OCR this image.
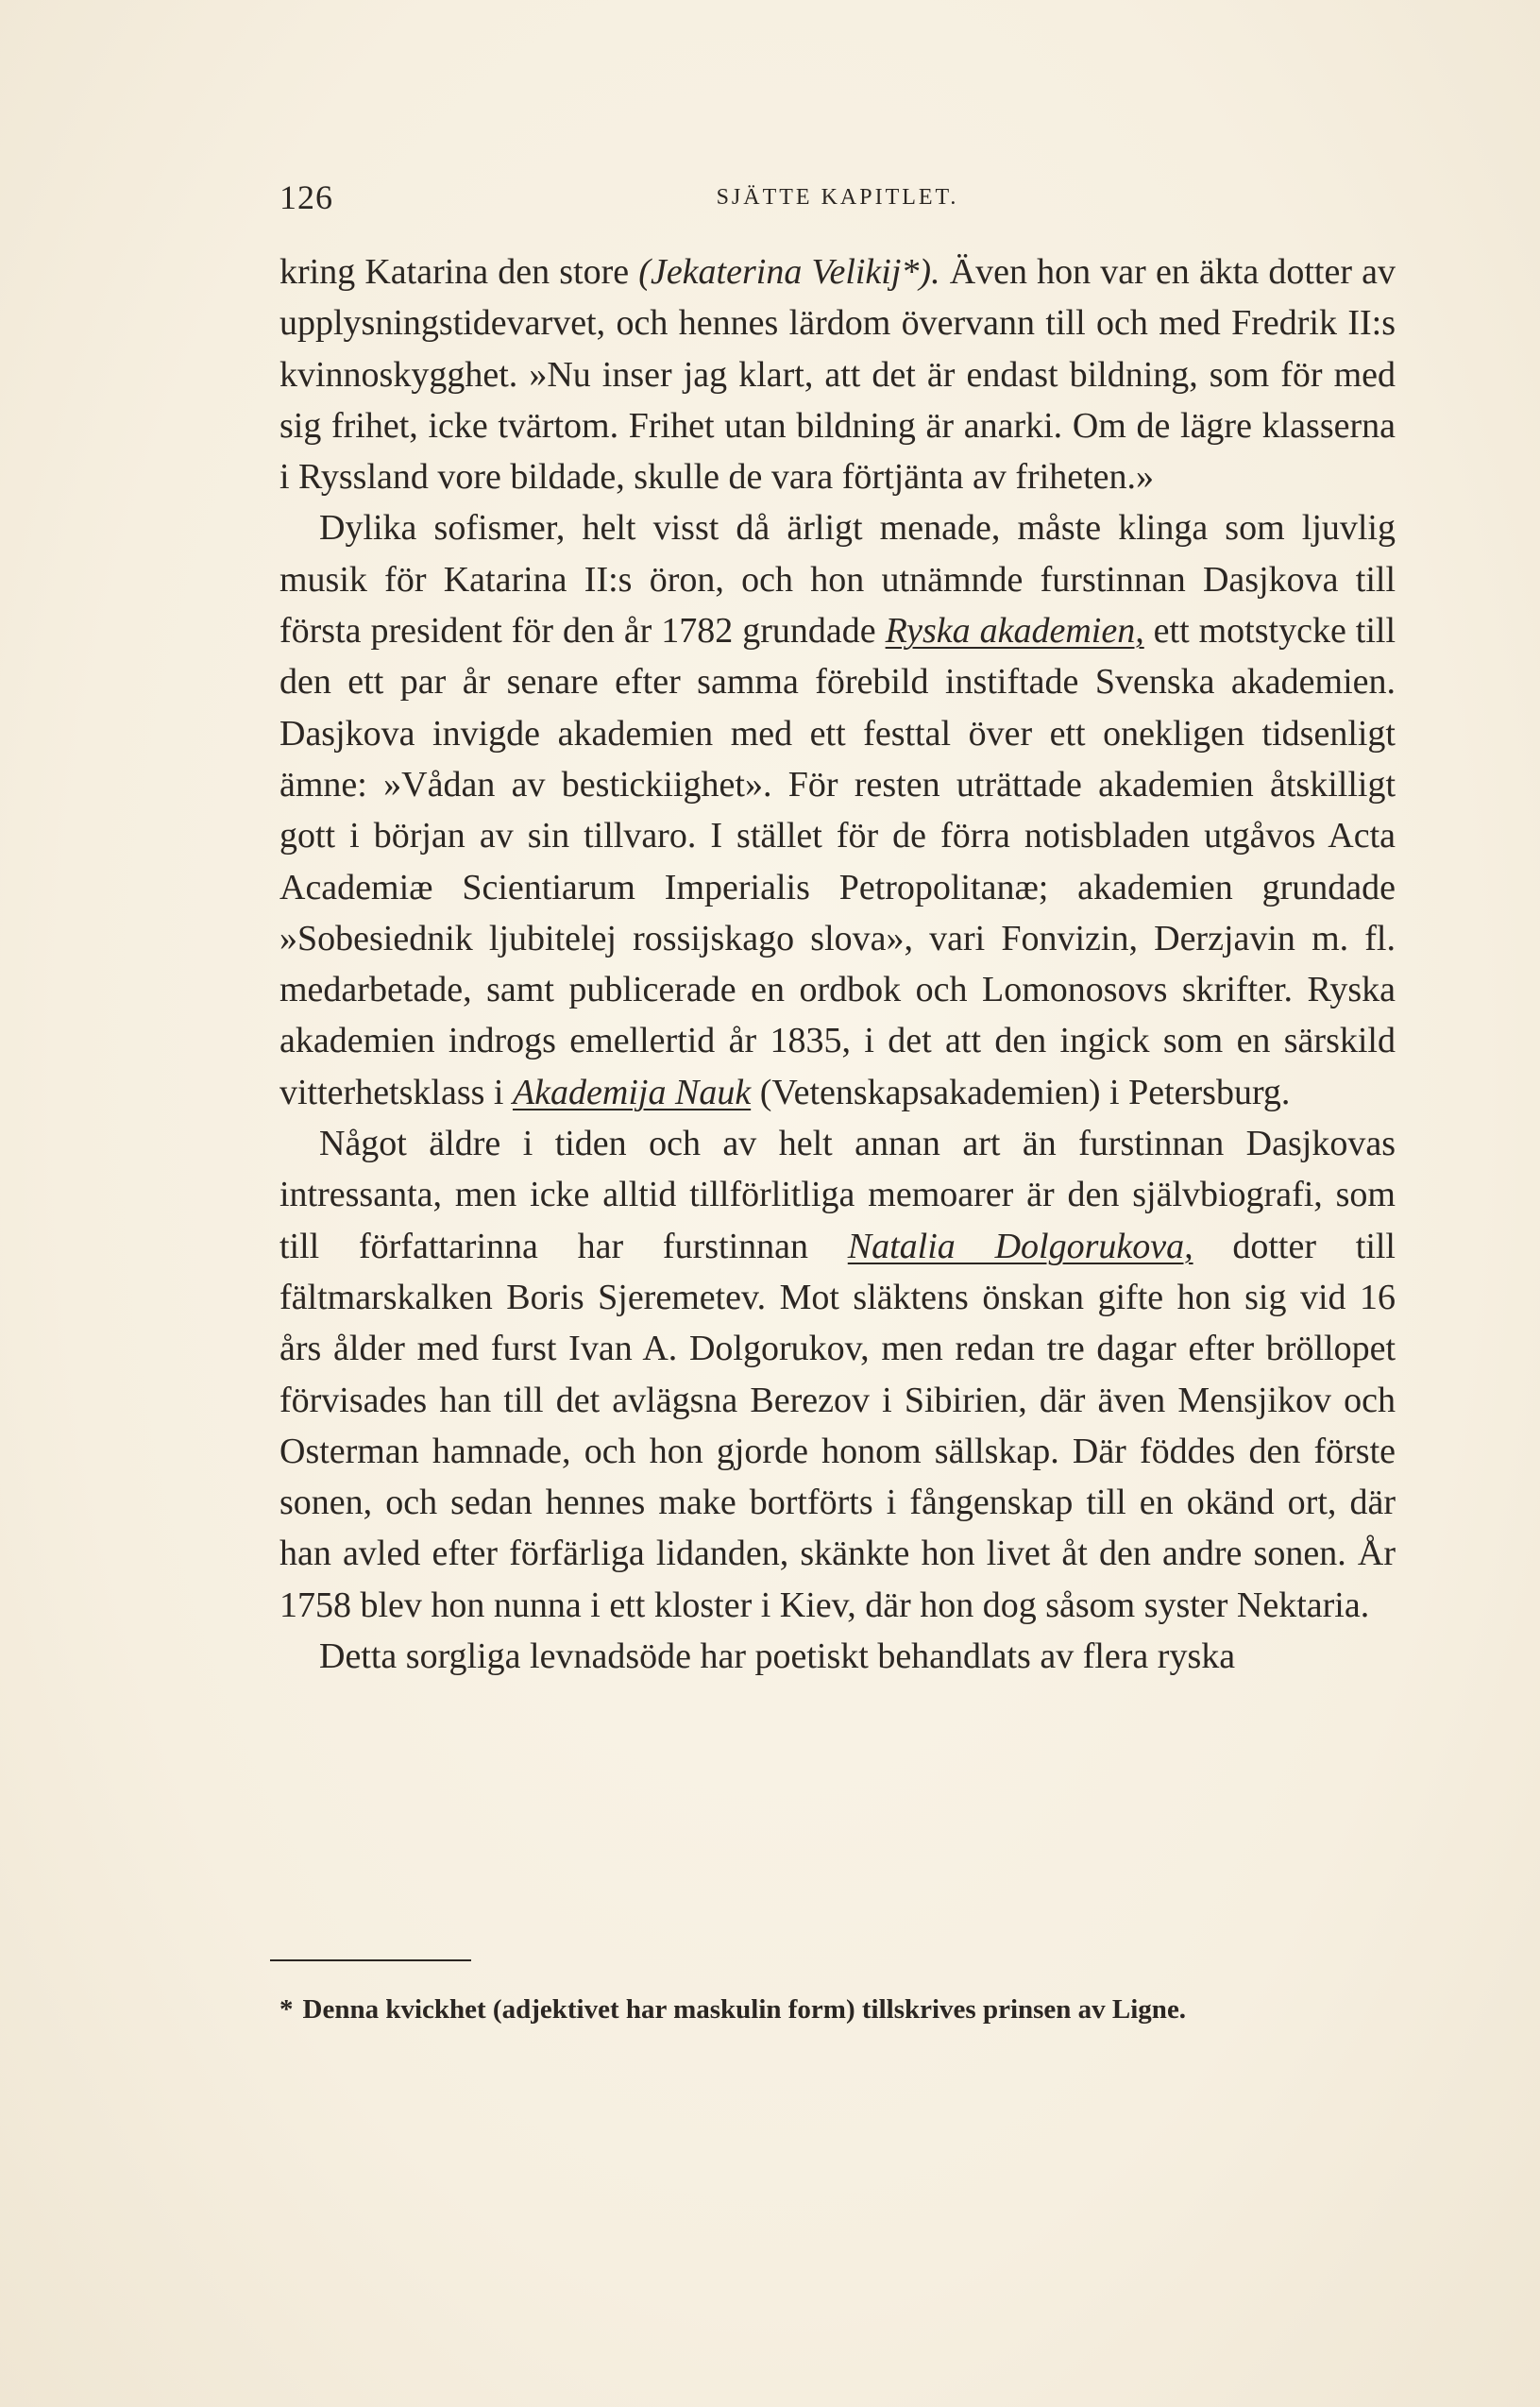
126	SJÄTTE KAPITLET.

kring Katarina den store (Jekaterina Velikij*). Även hon var en äkta dotter av upplysningstidevarvet, och hennes lärdom övervann till och med Fredrik II:s kvinnoskygghet. »Nu inser jag klart, att det är endast bildning, som för med sig frihet, icke tvärtom. Frihet utan bildning är anarki. Om de lägre klasserna i Ryssland vore bildade, skulle de vara förtjänta av friheten.»

Dylika sofismer, helt visst då ärligt menade, måste klinga som ljuvlig musik för Katarina II:s öron, och hon utnämnde furstinnan Dasjkova till första president för den år 1782 grundade Ryska akademien, ett motstycke till den ett par år senare efter samma förebild instiftade Svenska akademien. Dasjkova invigde akademien med ett festtal över ett onekligen tidsenligt ämne: »Vådan av bestickiighet». För resten uträttade akademien åtskilligt gott i början av sin tillvaro. I stället för de förra notisbladen utgåvos Acta Academiæ Scientiarum Imperialis Petropolitanæ; akademien grundade »Sobesiednik ljubitelej rossijskago slova», vari Fonvizin, Derzjavin m. fl. medarbetade, samt publicerade en ordbok och Lomonosovs skrifter. Ryska akademien indrogs emellertid år 1835, i det att den ingick som en särskild vitterhetsklass i Akademija Nauk (Vetenskapsakademien) i Petersburg.

Något äldre i tiden och av helt annan art än furstinnan Dasjkovas intressanta, men icke alltid tillförlitliga memoarer är den självbiografi, som till författarinna har furstinnan Natalia Dolgorukova, dotter till fältmarskalken Boris Sjeremetev. Mot släktens önskan gifte hon sig vid 16 års ålder med furst Ivan A. Dolgorukov, men redan tre dagar efter bröllopet förvisades han till det avlägsna Berezov i Sibirien, där även Mensjikov och Osterman hamnade, och hon gjorde honom sällskap. Där föddes den förste sonen, och sedan hennes make bortförts i fångenskap till en okänd ort, där han avled efter förfärliga lidanden, skänkte hon livet åt den andre sonen. År 1758 blev hon nunna i ett kloster i Kiev, där hon dog såsom syster Nektaria.

Detta sorgliga levnadsöde har poetiskt behandlats av flera ryska

* Denna kvickhet (adjektivet har maskulin form) tillskrives prinsen av Ligne.
